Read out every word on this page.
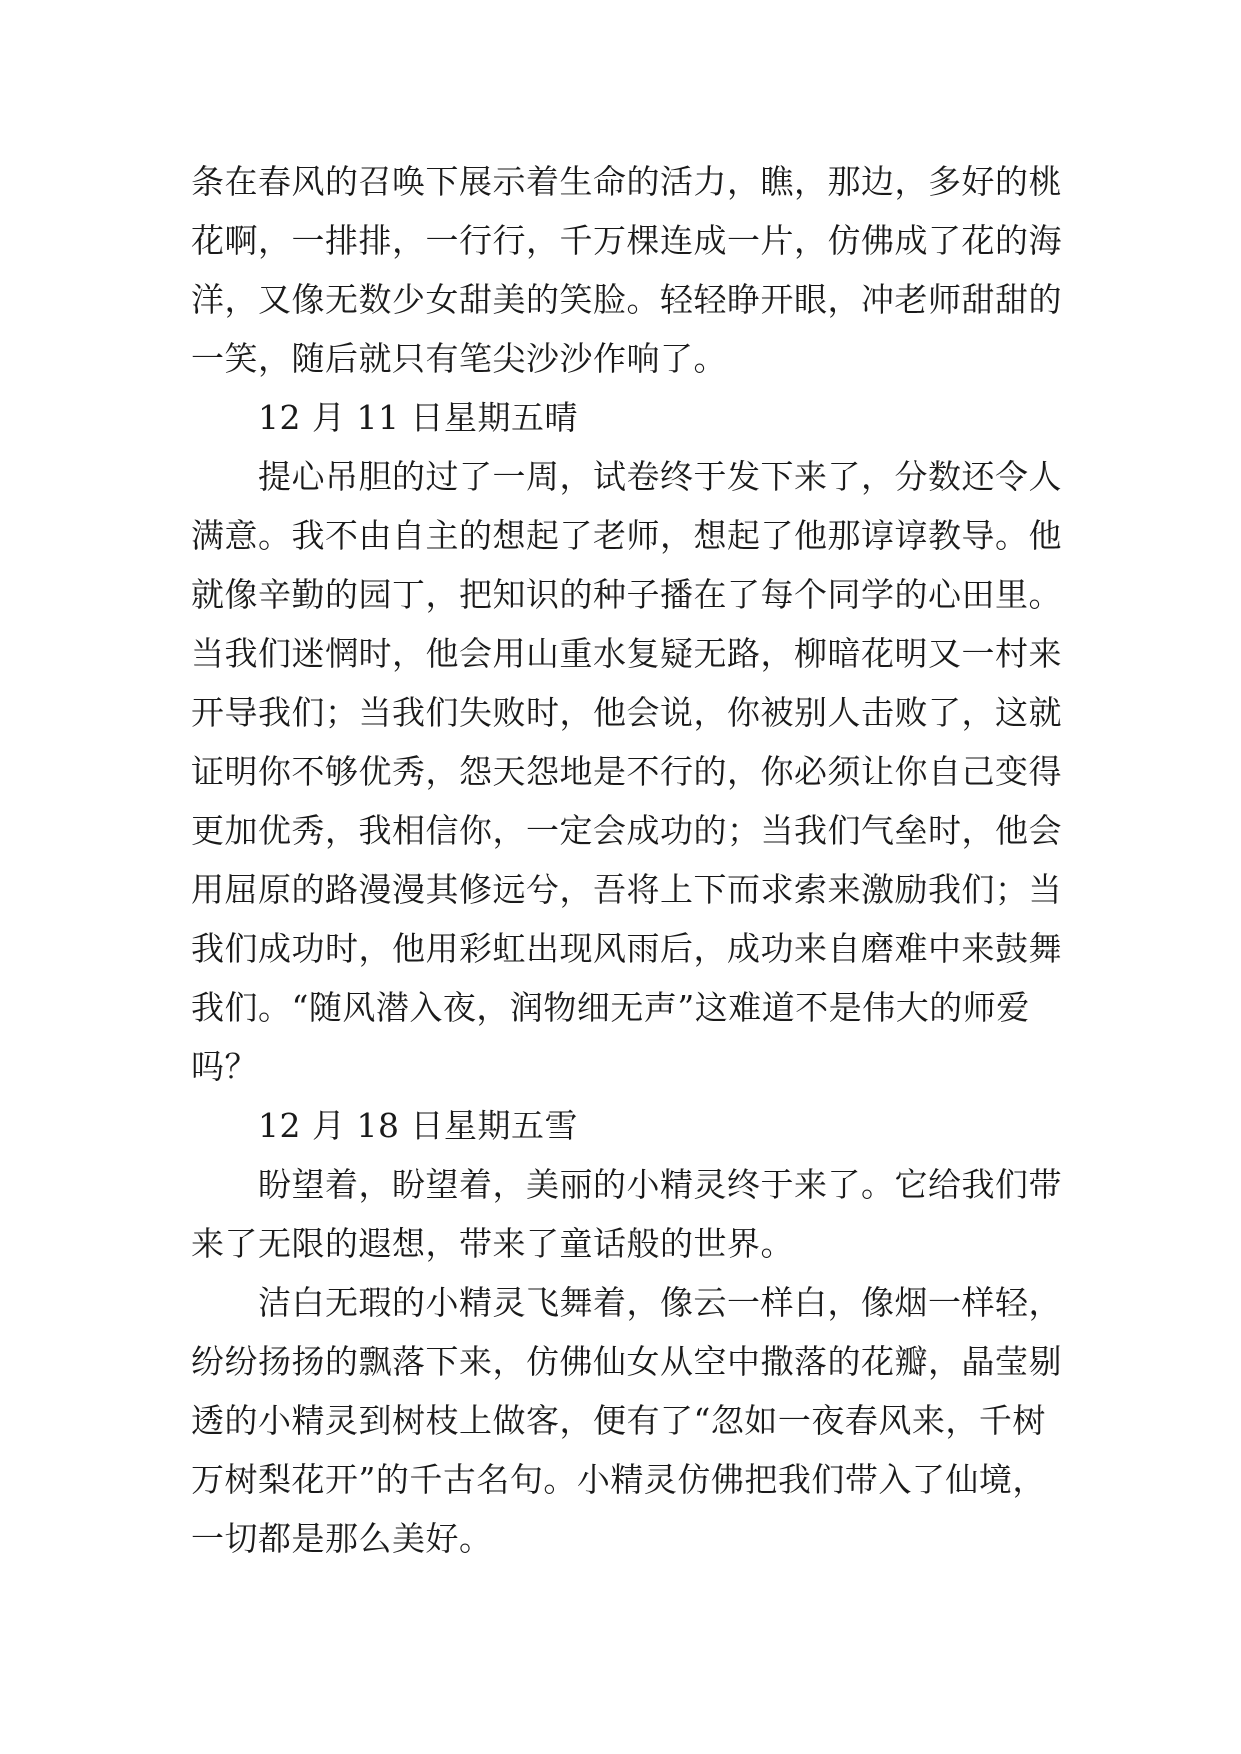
条在春风的召唤下展示着生命的活力，瞧，那边，多好的桃
花啊，一排排，一行行，千万棵连成一片，仿佛成了花的海
洋，又像无数少女甜美的笑脸。轻轻睁开眼，冲老师甜甜的
一笑，随后就只有笔尖沙沙作响了。
12 月 11 日星期五晴
提心吊胆的过了一周，试卷终于发下来了，分数还令人
满意。我不由自主的想起了老师，想起了他那谆谆教导。他
就像辛勤的园丁，把知识的种子播在了每个同学的心田里。
当我们迷惘时，他会用山重水复疑无路，柳暗花明又一村来
开导我们；当我们失败时，他会说，你被别人击败了，这就
证明你不够优秀，怨天怨地是不行的，你必须让你自己变得
更加优秀，我相信你，一定会成功的；当我们气垒时，他会
用屈原的路漫漫其修远兮，吾将上下而求索来激励我们；当
我们成功时，他用彩虹出现风雨后，成功来自磨难中来鼓舞
我们。“随风潜入夜，润物细无声”这难道不是伟大的师爱
吗？
12 月 18 日星期五雪
盼望着，盼望着，美丽的小精灵终于来了。它给我们带
来了无限的遐想，带来了童话般的世界。
洁白无瑕的小精灵飞舞着，像云一样白，像烟一样轻，
纷纷扬扬的飘落下来，仿佛仙女从空中撒落的花瓣，晶莹剔
透的小精灵到树枝上做客，便有了“忽如一夜春风来，千树
万树梨花开”的千古名句。小精灵仿佛把我们带入了仙境，
一切都是那么美好。
